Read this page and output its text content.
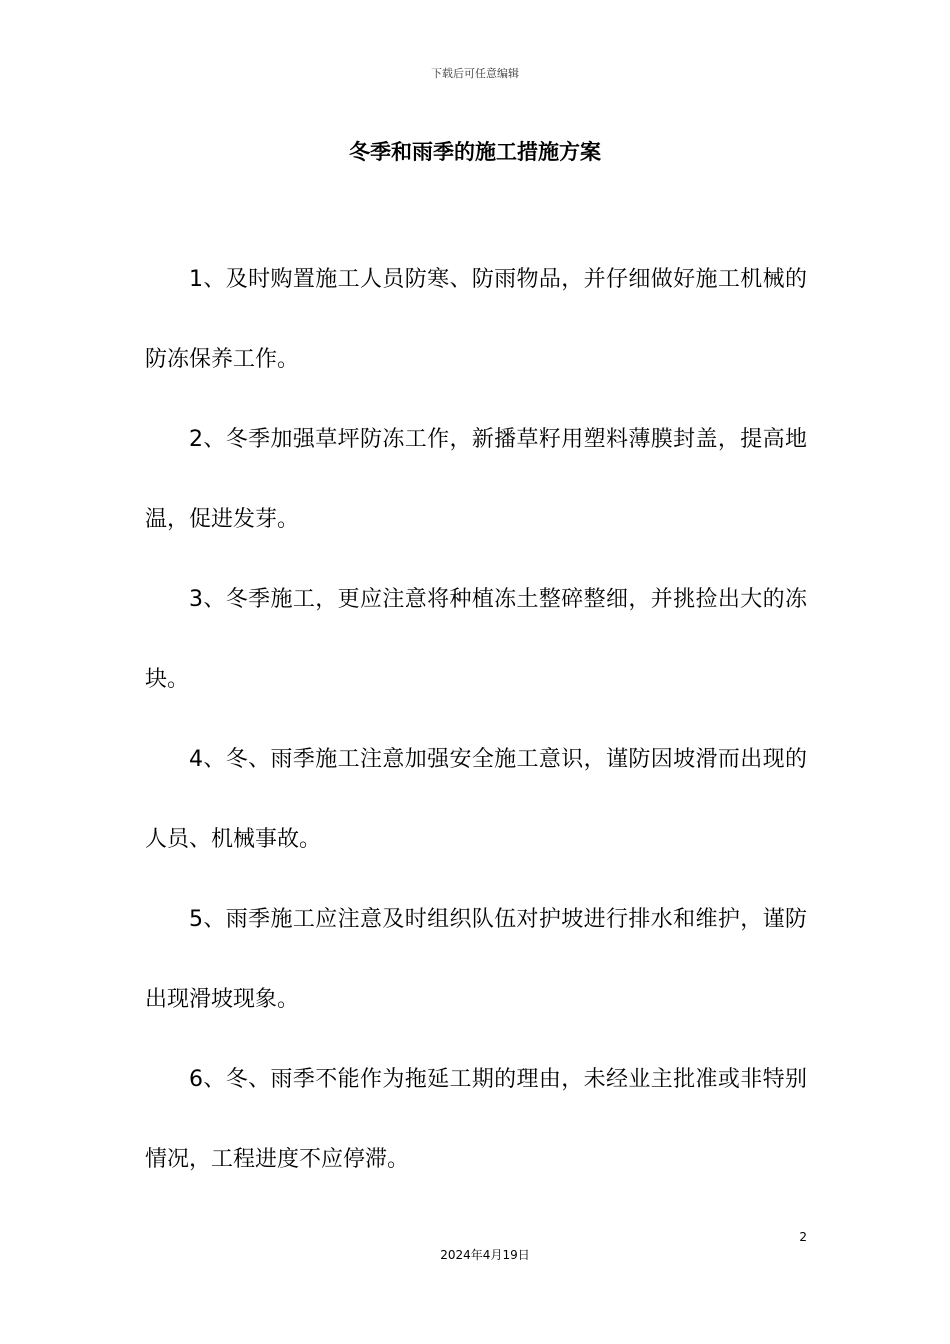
下载后可任意编辑
冬季和雨季的施工措施方案

1、及时购置施工人员防寒、防雨物品，并仔细做好施工机械的防冻保养工作。

2、冬季加强草坪防冻工作，新播草籽用塑料薄膜封盖，提高地温，促进发芽。

3、冬季施工，更应注意将种植冻土整碎整细，并挑捡出大的冻块。

4、冬、雨季施工注意加强安全施工意识，谨防因坡滑而出现的人员、机械事故。

5、雨季施工应注意及时组织队伍对护坡进行排水和维护，谨防出现滑坡现象。

6、冬、雨季不能作为拖延工期的理由，未经业主批准或非特别情况，工程进度不应停滞。

2
2024年4月19日
